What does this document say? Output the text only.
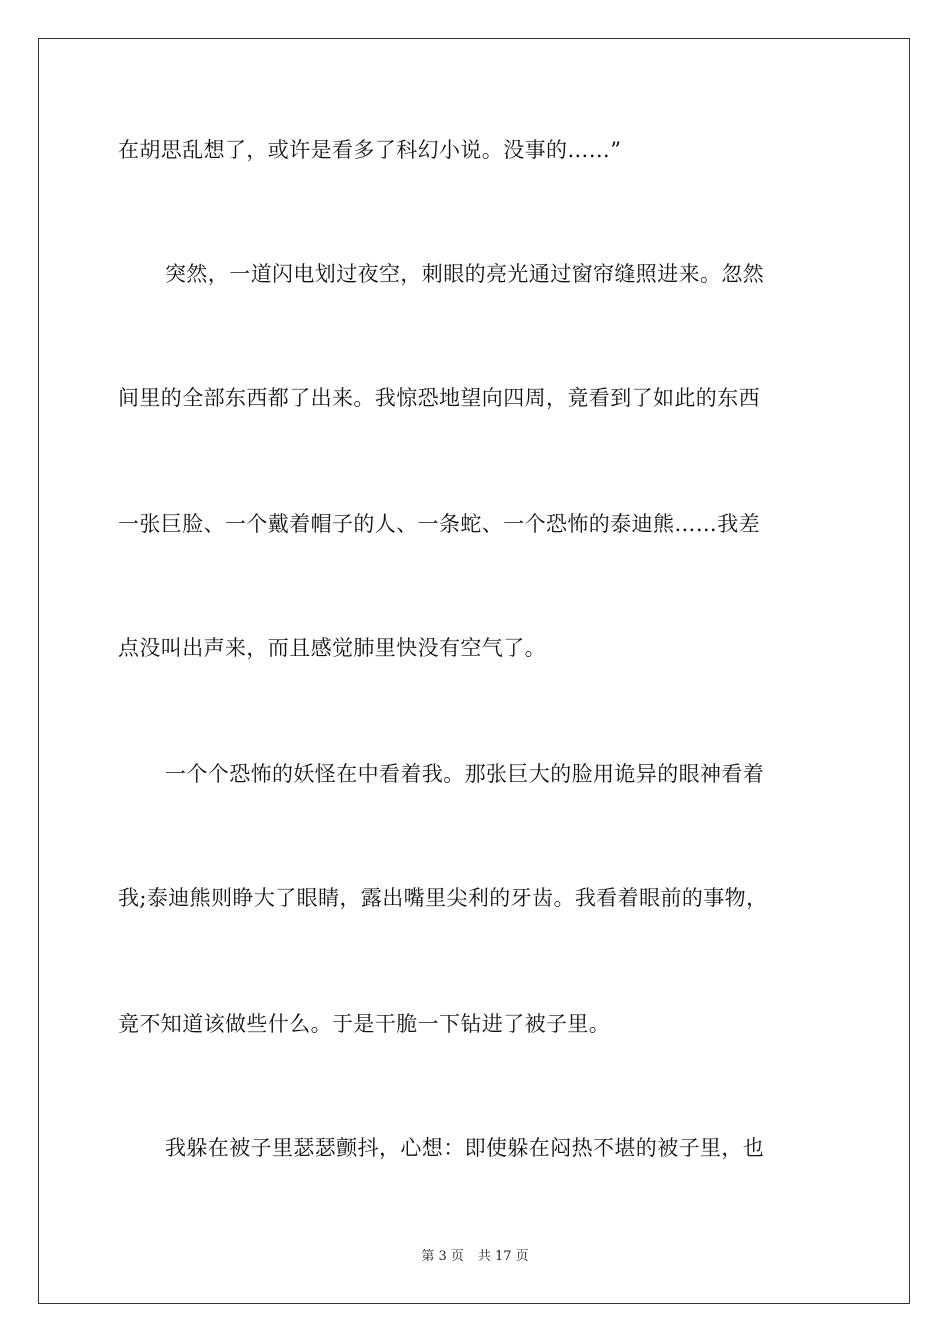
在胡思乱想了，或许是看多了科幻小说。没事的……”
突然，一道闪电划过夜空，刺眼的亮光通过窗帘缝照进来。忽然
间里的全部东西都了出来。我惊恐地望向四周，竟看到了如此的东西
一张巨脸、一个戴着帽子的人、一条蛇、一个恐怖的泰迪熊……我差
点没叫出声来，而且感觉肺里快没有空气了。
一个个恐怖的妖怪在中看着我。那张巨大的脸用诡异的眼神看着
我;泰迪熊则睁大了眼睛，露出嘴里尖利的牙齿。我看着眼前的事物，
竟不知道该做些什么。于是干脆一下钻进了被子里。
我躲在被子里瑟瑟颤抖，心想：即使躲在闷热不堪的被子里，也
第 3 页 共 17 页
